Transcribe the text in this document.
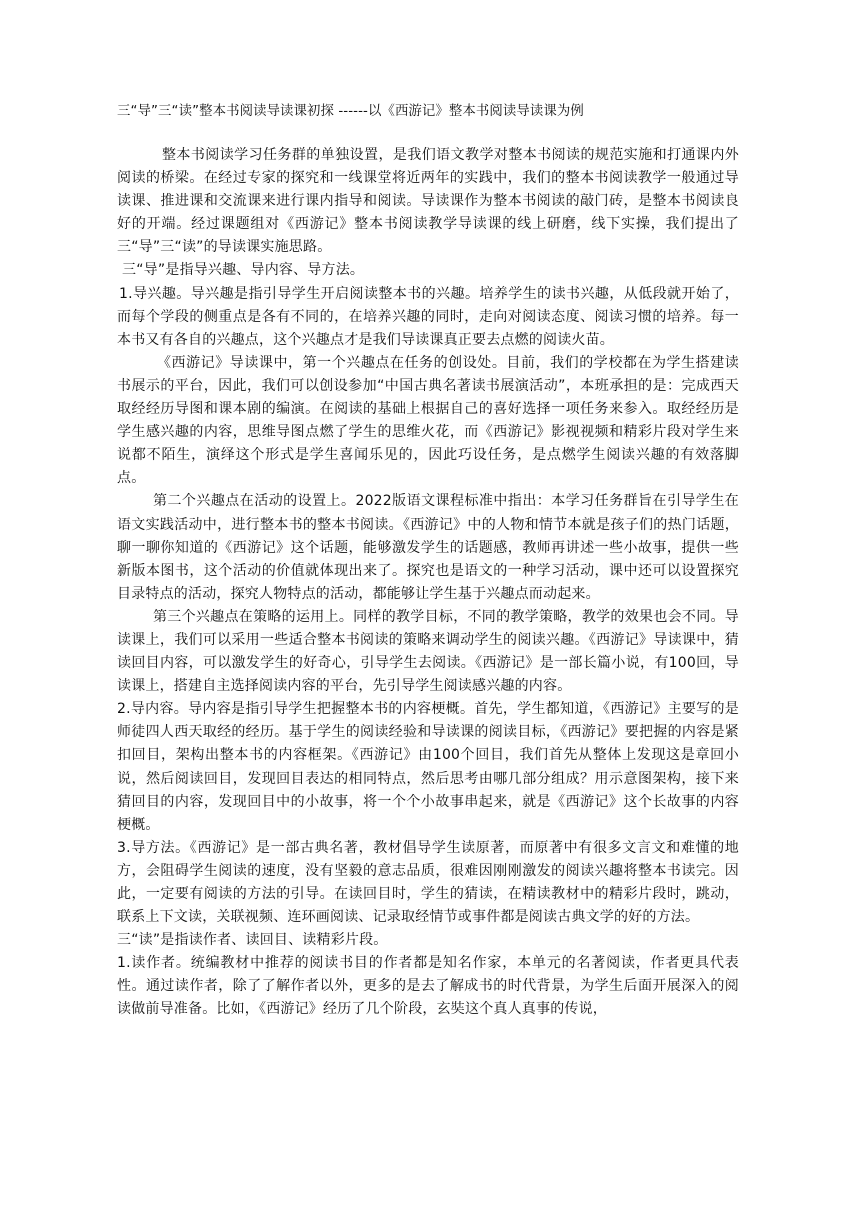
三“导”三“读”整本书阅读导读课初探 ------以《西游记》整本书阅读导读课为例

整本书阅读学习任务群的单独设置，是我们语文教学对整本书阅读的规范实施和打通课内外阅读的桥梁。在经过专家的探究和一线课堂将近两年的实践中，我们的整本书阅读教学一般通过导读课、推进课和交流课来进行课内指导和阅读。导读课作为整本书阅读的敲门砖，是整本书阅读良好的开端。经过课题组对《西游记》整本书阅读教学导读课的线上研磨，线下实操，我们提出了 三“导”三“读”的导读课实施思路。

三“导”是指导兴趣、导内容、导方法。

1.导兴趣。导兴趣是指引导学生开启阅读整本书的兴趣。培养学生的读书兴趣，从低段就开始了，而每个学段的侧重点是各有不同的，在培养兴趣的同时，走向对阅读态度、阅读习惯的培养。每一本书又有各自的兴趣点，这个兴趣点才是我们导读课真正要去点燃的阅读火苗。

《西游记》导读课中，第一个兴趣点在任务的创设处。目前，我们的学校都在为学生搭建读书展示的平台，因此，我们可以创设参加“中国古典名著读书展演活动”，本班承担的是：完成西天取经经历导图和课本剧的编演。在阅读的基础上根据自己的喜好选择一项任务来参入。取经经历是学生感兴趣的内容，思维导图点燃了学生的思维火花，而《西游记》影视视频和精彩片段对学生来说都不陌生，演绎这个形式是学生喜闻乐见的，因此巧设任务，是点燃学生阅读兴趣的有效落脚点。

第二个兴趣点在活动的设置上。2022版语文课程标准中指出：本学习任务群旨在引导学生在语文实践活动中，进行整本书的整本书阅读。《西游记》中的人物和情节本就是孩子们的热门话题，聊一聊你知道的《西游记》这个话题，能够激发学生的话题感，教师再讲述一些小故事，提供一些新版本图书，这个活动的价值就体现出来了。探究也是语文的一种学习活动，课中还可以设置探究目录特点的活动，探究人物特点的活动，都能够让学生基于兴趣点而动起来。

第三个兴趣点在策略的运用上。同样的教学目标，不同的教学策略，教学的效果也会不同。导读课上，我们可以采用一些适合整本书阅读的策略来调动学生的阅读兴趣。《西游记》导读课中，猜读回目内容，可以激发学生的好奇心，引导学生去阅读。《西游记》是一部长篇小说，有100回，导读课上，搭建自主选择阅读内容的平台，先引导学生阅读感兴趣的内容。

2.导内容。导内容是指引导学生把握整本书的内容梗概。首先，学生都知道，《西游记》主要写的是师徒四人西天取经的经历。基于学生的阅读经验和导读课的阅读目标，《西游记》要把握的内容是紧扣回目，架构出整本书的内容框架。《西游记》由100个回目，我们首先从整体上发现这是章回小说，然后阅读回目，发现回目表达的相同特点，然后思考由哪几部分组成？用示意图架构，接下来猜回目的内容，发现回目中的小故事，将一个个小故事串起来，就是《西游记》这个长故事的内容梗概。

3.导方法。《西游记》是一部古典名著，教材倡导学生读原著，而原著中有很多文言文和难懂的地方，会阻碍学生阅读的速度，没有坚毅的意志品质，很难因刚刚激发的阅读兴趣将整本书读完。因此，一定要有阅读的方法的引导。在读回目时，学生的猜读，在精读教材中的精彩片段时，跳动，联系上下文读，关联视频、连环画阅读、记录取经情节或事件都是阅读古典文学的好的方法。

三“读”是指读作者、读回目、读精彩片段。

1.读作者。统编教材中推荐的阅读书目的作者都是知名作家，本单元的名著阅读，作者更具代表性。通过读作者，除了了解作者以外，更多的是去了解成书的时代背景，为学生后面开展深入的阅读做前导准备。比如，《西游记》经历了几个阶段，玄奘这个真人真事的传说，
